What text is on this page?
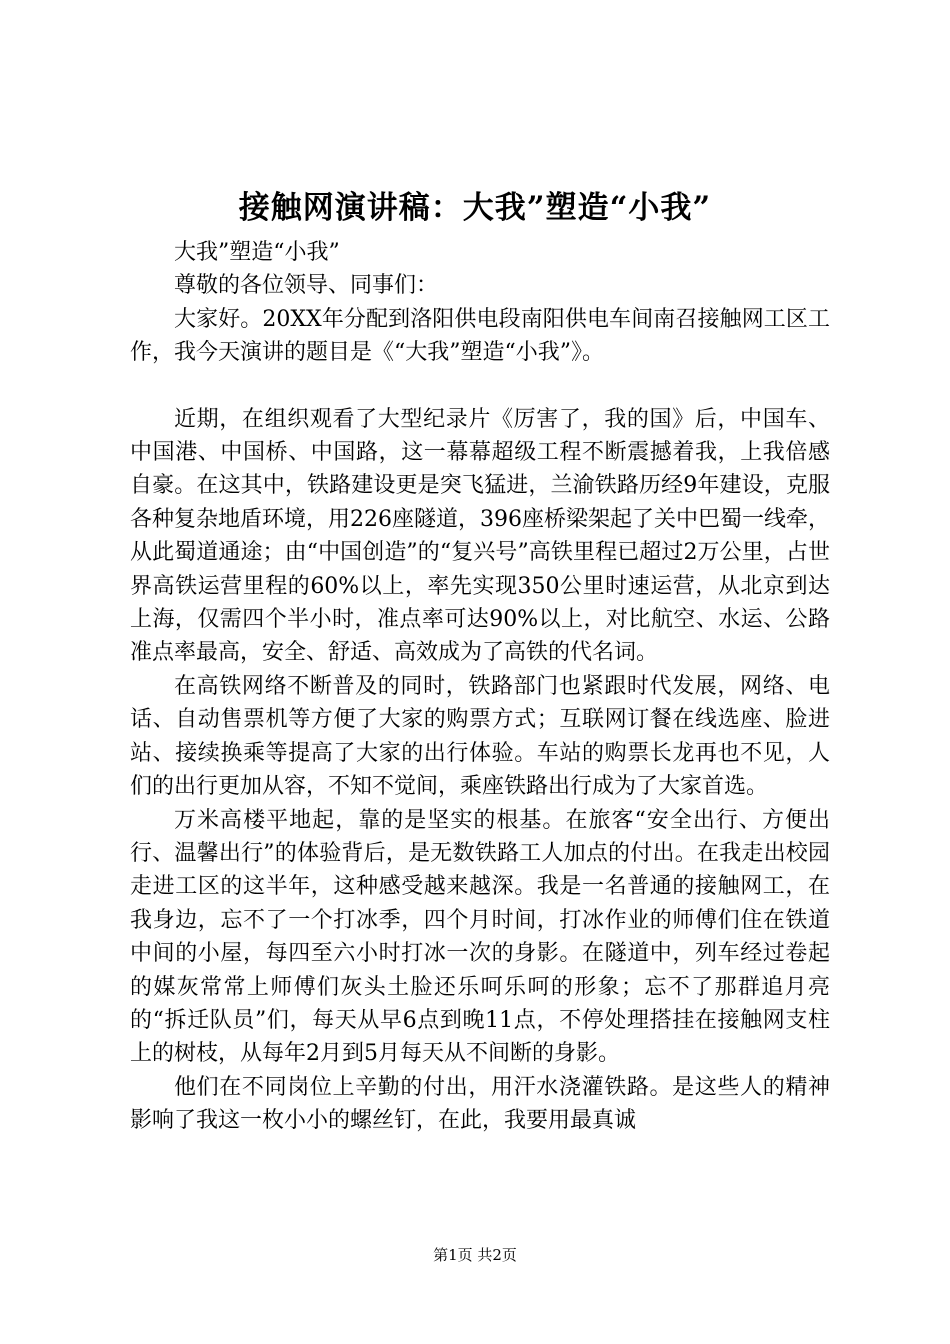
接触网演讲稿：大我”塑造“小我”

大我”塑造“小我”

尊敬的各位领导、同事们：

大家好。20XX年分配到洛阳供电段南阳供电车间南召接触网工区工作，我今天演讲的题目是《“大我”塑造“小我”》。

近期，在组织观看了大型纪录片《厉害了，我的国》后，中国车、中国港、中国桥、中国路，这一幕幕超级工程不断震撼着我，上我倍感自豪。在这其中，铁路建设更是突飞猛进，兰渝铁路历经9年建设，克服各种复杂地盾环境，用226座隧道，396座桥梁架起了关中巴蜀一线牵，从此蜀道通途；由“中国创造”的“复兴号”高铁里程已超过2万公里，占世界高铁运营里程的60%以上，率先实现350公里时速运营，从北京到达上海，仅需四个半小时，准点率可达90%以上，对比航空、水运、公路准点率最高，安全、舒适、高效成为了高铁的代名词。

在高铁网络不断普及的同时，铁路部门也紧跟时代发展，网络、电话、自动售票机等方便了大家的购票方式；互联网订餐在线选座、脸进站、接续换乘等提高了大家的出行体验。车站的购票长龙再也不见，人们的出行更加从容，不知不觉间，乘座铁路出行成为了大家首选。

万米高楼平地起，靠的是坚实的根基。在旅客“安全出行、方便出行、温馨出行”的体验背后，是无数铁路工人加点的付出。在我走出校园走进工区的这半年，这种感受越来越深。我是一名普通的接触网工，在我身边，忘不了一个打冰季，四个月时间，打冰作业的师傅们住在铁道中间的小屋，每四至六小时打冰一次的身影。在隧道中，列车经过卷起的媒灰常常上师傅们灰头土脸还乐呵乐呵的形象；忘不了那群追月亮的“拆迁队员”们，每天从早6点到晚11点，不停处理搭挂在接触网支柱上的树枝，从每年2月到5月每天从不间断的身影。

他们在不同岗位上辛勤的付出，用汗水浇灌铁路。是这些人的精神影响了我这一枚小小的螺丝钉，在此，我要用最真诚

第1页 共2页
